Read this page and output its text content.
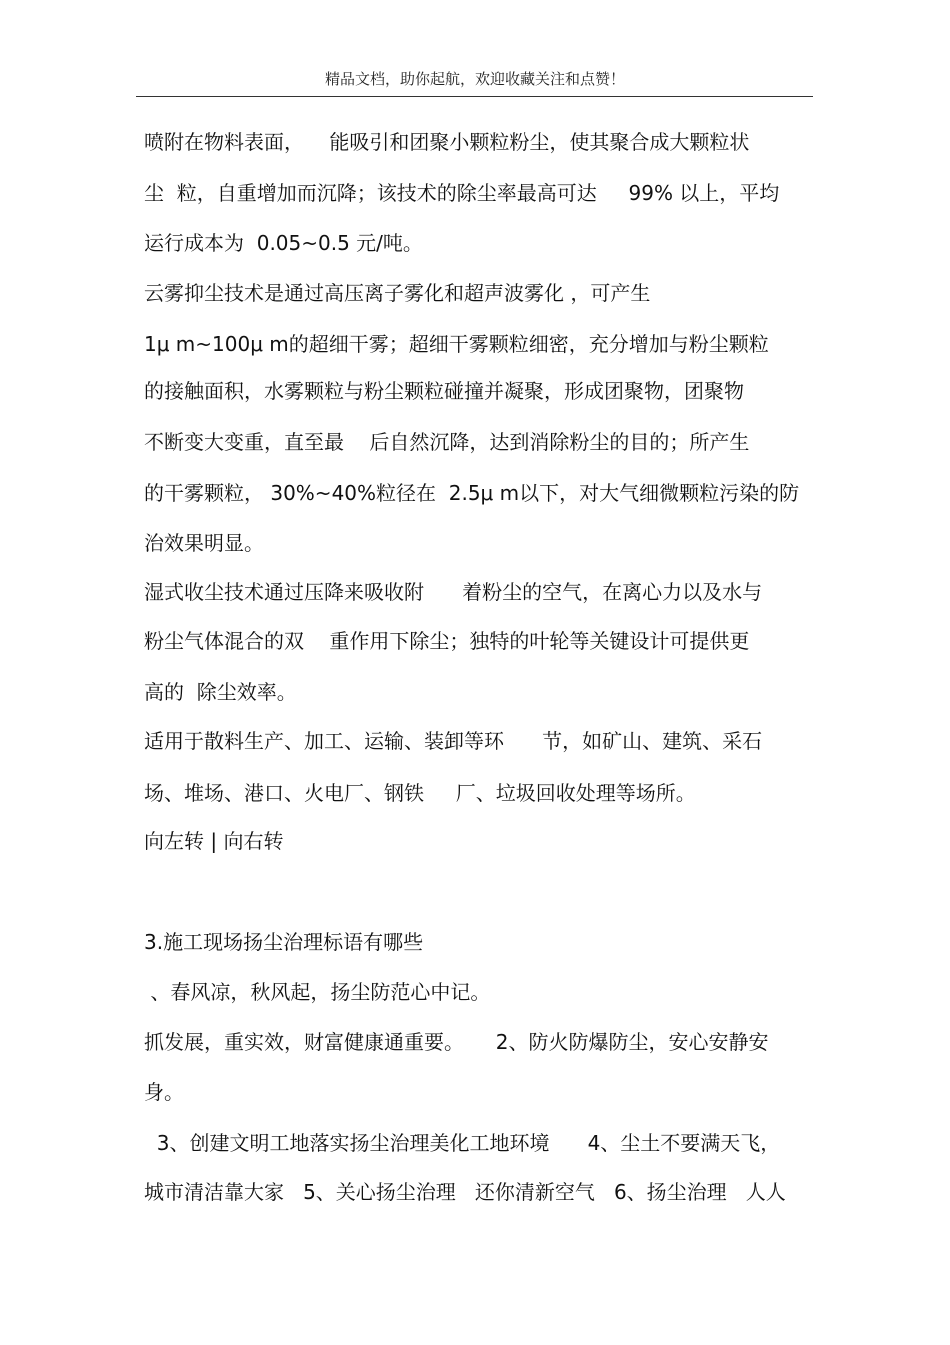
精品文档，助你起航，欢迎收藏关注和点赞！
喷附在物料表面，    能吸引和团聚小颗粒粉尘，使其聚合成大颗粒状
尘  粒，自重增加而沉降；该技术的除尘率最高可达     99% 以上，平均
运行成本为  0.05~0.5 元/吨。
云雾抑尘技术是通过高压离子雾化和超声波雾化 ，可产生
1μ m~100μ m的超细干雾；超细干雾颗粒细密，充分增加与粉尘颗粒
的接触面积，水雾颗粒与粉尘颗粒碰撞并凝聚，形成团聚物，团聚物
不断变大变重，直至最    后自然沉降，达到消除粉尘的目的；所产生
的干雾颗粒， 30%~40%粒径在  2.5μ m以下，对大气细微颗粒污染的防
治效果明显。
湿式收尘技术通过压降来吸收附      着粉尘的空气，在离心力以及水与
粉尘气体混合的双    重作用下除尘；独特的叶轮等关键设计可提供更
高的  除尘效率。
适用于散料生产、加工、运输、装卸等环      节，如矿山、建筑、采石
场、堆场、港口、火电厂、钢铁     厂、垃圾回收处理等场所。
向左转 | 向右转
3.施工现场扬尘治理标语有哪些
、春风凉，秋风起，扬尘防范心中记。
抓发展，重实效，财富健康通重要。     2、防火防爆防尘，安心安静安
身。
3、创建文明工地落实扬尘治理美化工地环境      4、尘土不要满天飞，
城市清洁靠大家   5、关心扬尘治理   还你清新空气   6、扬尘治理   人人
